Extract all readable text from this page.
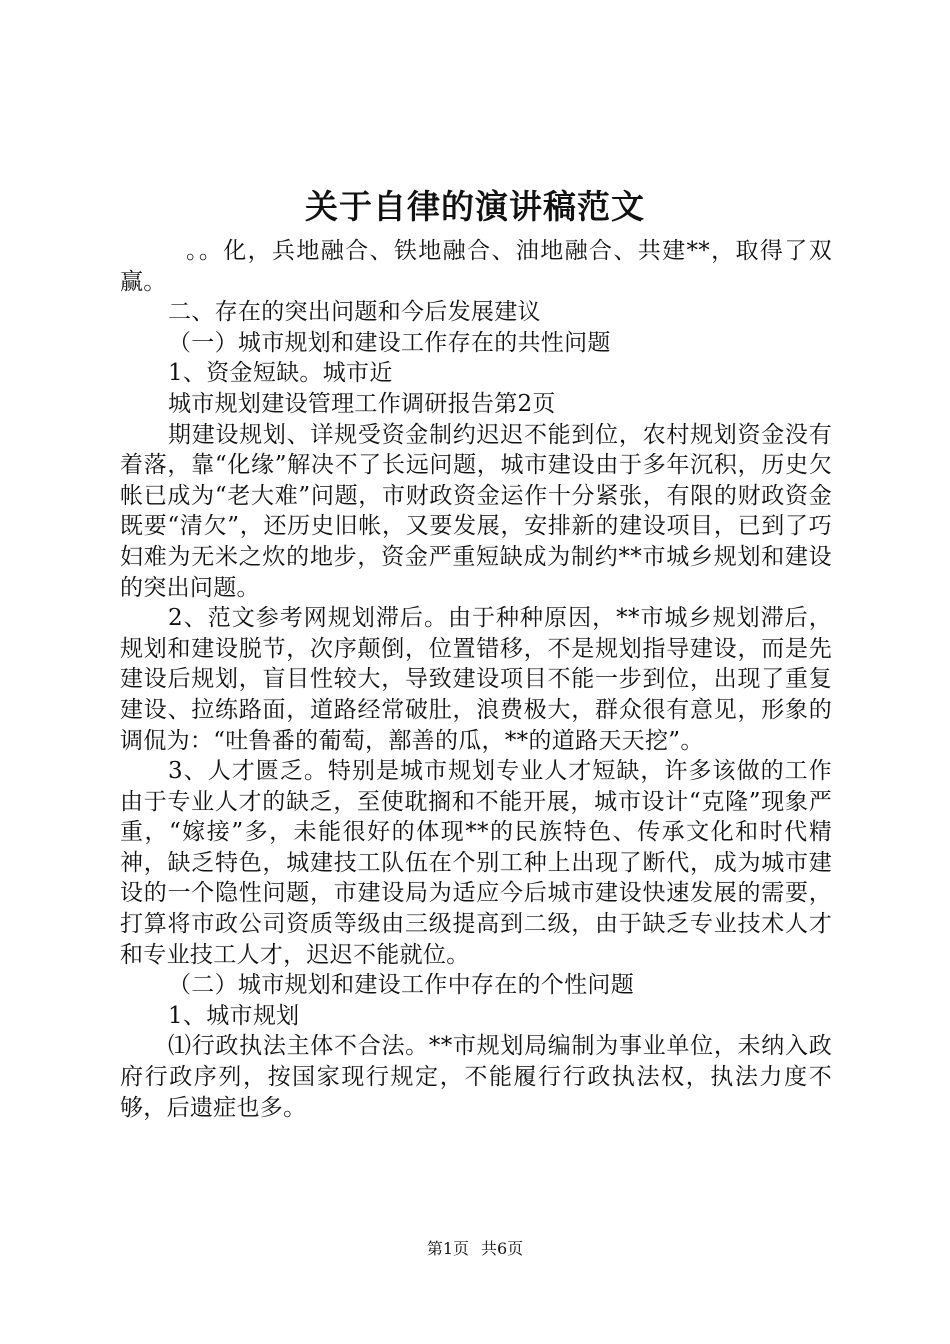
关于自律的演讲稿范文

。。化，兵地融合、铁地融合、油地融合、共建**，取得了双赢。

二、存在的突出问题和今后发展建议

（一）城市规划和建设工作存在的共性问题

1、资金短缺。城市近

城市规划建设管理工作调研报告第2页

期建设规划、详规受资金制约迟迟不能到位，农村规划资金没有着落，靠“化缘”解决不了长远问题，城市建设由于多年沉积，历史欠帐已成为“老大难”问题，市财政资金运作十分紧张，有限的财政资金既要“清欠”，还历史旧帐，又要发展，安排新的建设项目，已到了巧妇难为无米之炊的地步，资金严重短缺成为制约**市城乡规划和建设的突出问题。

2、范文参考网规划滞后。由于种种原因，**市城乡规划滞后，规划和建设脱节，次序颠倒，位置错移，不是规划指导建设，而是先建设后规划，盲目性较大，导致建设项目不能一步到位，出现了重复建设、拉练路面，道路经常破肚，浪费极大，群众很有意见，形象的调侃为：“吐鲁番的葡萄，鄯善的瓜，**的道路天天挖”。

3、人才匮乏。特别是城市规划专业人才短缺，许多该做的工作由于专业人才的缺乏，至使耽搁和不能开展，城市设计“克隆”现象严重，“嫁接”多，未能很好的体现**的民族特色、传承文化和时代精神，缺乏特色，城建技工队伍在个别工种上出现了断代，成为城市建设的一个隐性问题，市建设局为适应今后城市建设快速发展的需要，打算将市政公司资质等级由三级提高到二级，由于缺乏专业技术人才和专业技工人才，迟迟不能就位。

（二）城市规划和建设工作中存在的个性问题

1、城市规划

⑴行政执法主体不合法。**市规划局编制为事业单位，未纳入政府行政序列，按国家现行规定，不能履行行政执法权，执法力度不够，后遗症也多。

第1页 共6页
